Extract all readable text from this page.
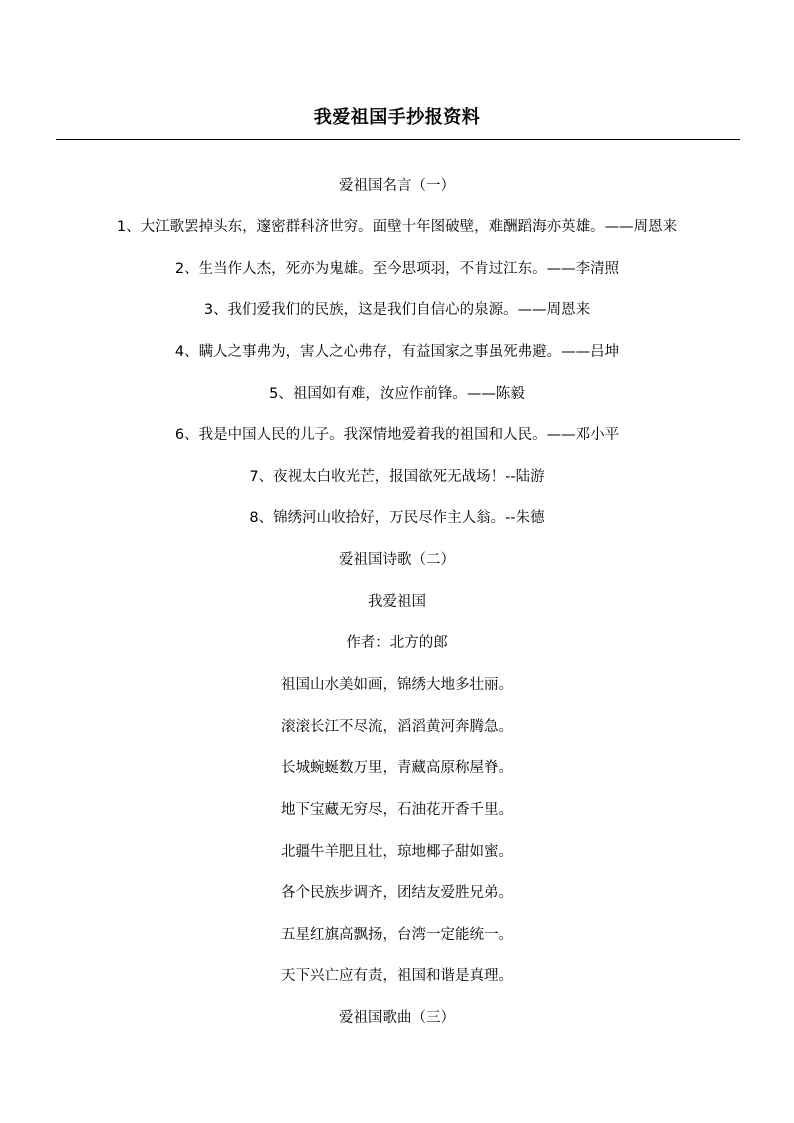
我爱祖国手抄报资料
爱祖国名言（一）
1、大江歌罢掉头东，邃密群科济世穷。面壁十年图破壁，难酬蹈海亦英雄。——周恩来
2、生当作人杰，死亦为鬼雄。至今思项羽，不肯过江东。——李清照
3、我们爱我们的民族，这是我们自信心的泉源。——周恩来
4、瞒人之事弗为，害人之心弗存，有益国家之事虽死弗避。——吕坤
5、祖国如有难，汝应作前锋。——陈毅
6、我是中国人民的儿子。我深情地爱着我的祖国和人民。——邓小平
7、夜视太白收光芒，报国欲死无战场！--陆游
8、锦绣河山收拾好，万民尽作主人翁。--朱德
爱祖国诗歌（二）
我爱祖国
作者：北方的郎
祖国山水美如画，锦绣大地多壮丽。
滚滚长江不尽流，滔滔黄河奔腾急。
长城蜿蜒数万里，青藏高原称屋脊。
地下宝藏无穷尽，石油花开香千里。
北疆牛羊肥且壮，琼地椰子甜如蜜。
各个民族步调齐，团结友爱胜兄弟。
五星红旗高飘扬，台湾一定能统一。
天下兴亡应有责，祖国和谐是真理。
爱祖国歌曲（三）
